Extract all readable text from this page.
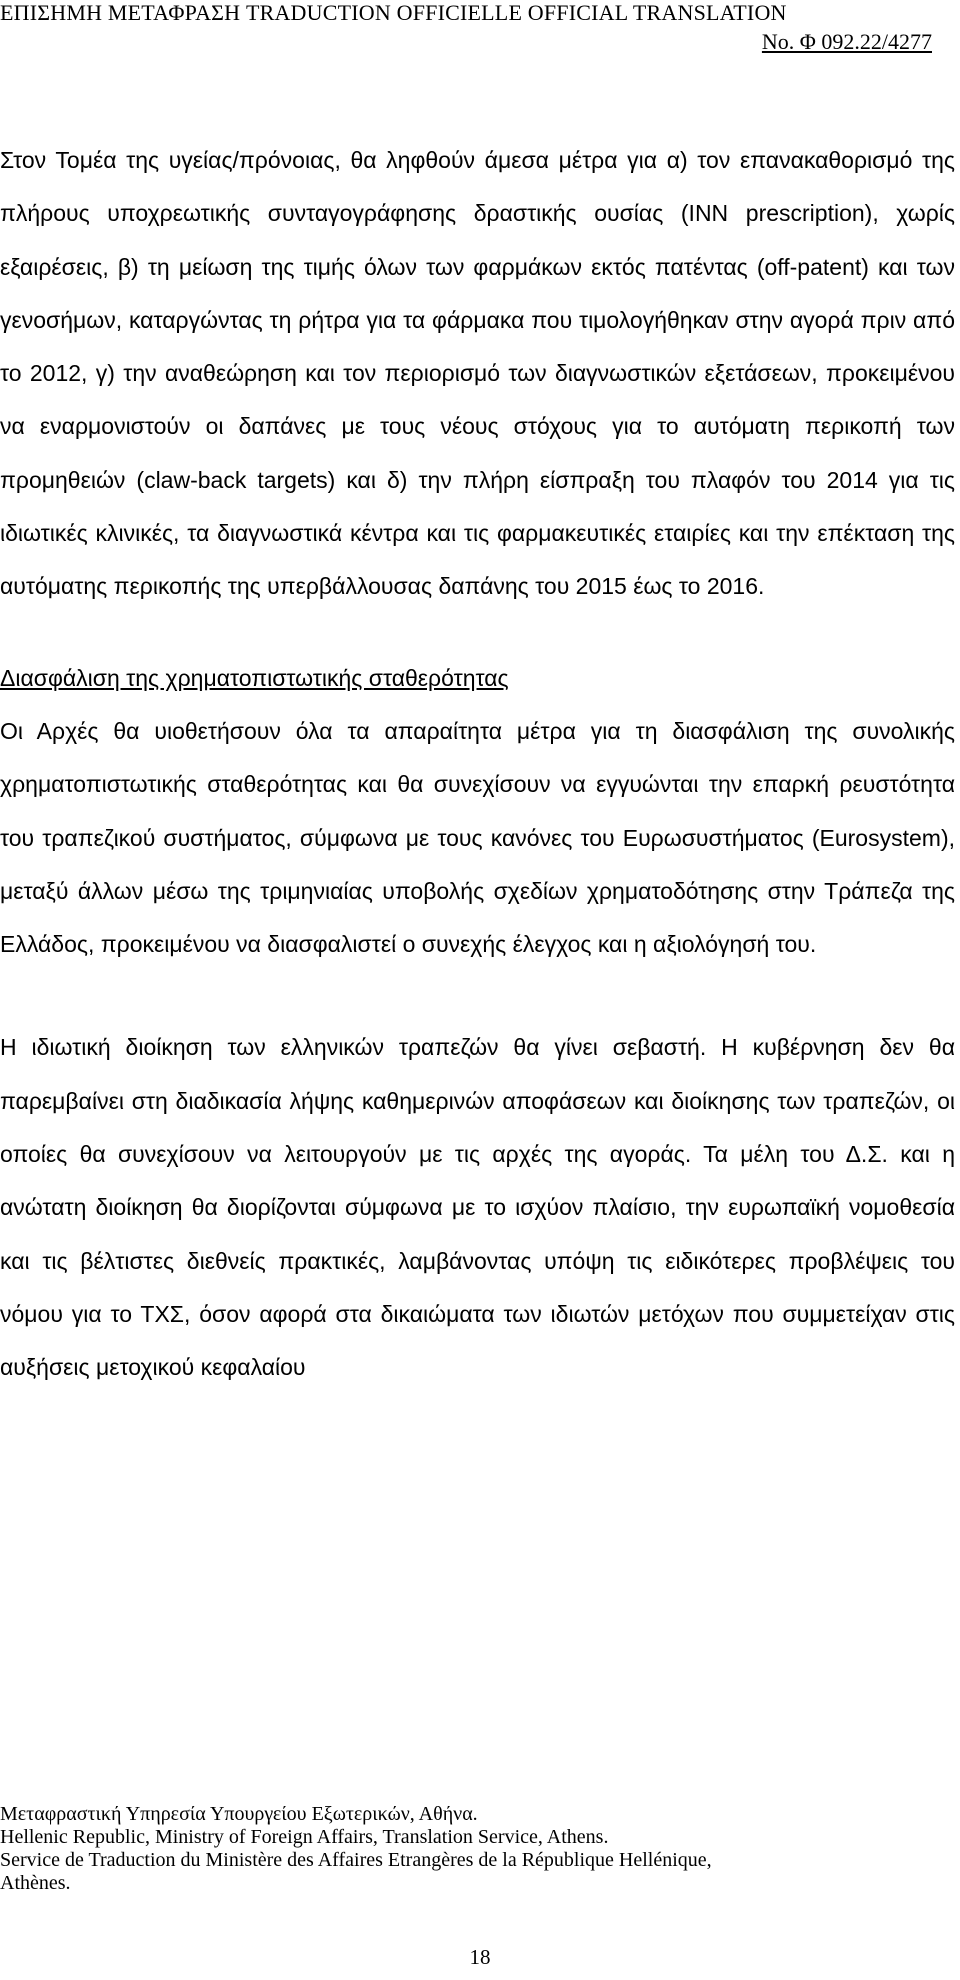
ΕΠΙΣΗΜΗ ΜΕΤΑΦΡΑΣΗ TRADUCTION OFFICIELLE OFFICIAL TRANSLATION
No. Φ 092.22/4277

Στον Τομέα της υγείας/πρόνοιας, θα ληφθούν άμεσα μέτρα για α) τον επανακαθορισμό της πλήρους υποχρεωτικής συνταγογράφησης δραστικής ουσίας (INN prescription), χωρίς εξαιρέσεις, β) τη μείωση της τιμής όλων των φαρμάκων εκτός πατέντας (off-patent) και των γενοσήμων, καταργώντας τη ρήτρα για τα φάρμακα που τιμολογήθηκαν στην αγορά πριν από το 2012, γ) την αναθεώρηση και τον περιορισμό των διαγνωστικών εξετάσεων, προκειμένου να εναρμονιστούν οι δαπάνες με τους νέους στόχους για το αυτόματη περικοπή των προμηθειών (claw-back targets) και δ) την πλήρη είσπραξη του πλαφόν του 2014 για τις ιδιωτικές κλινικές, τα διαγνωστικά κέντρα και τις φαρμακευτικές εταιρίες και την επέκταση της αυτόματης περικοπής της υπερβάλλουσας δαπάνης του 2015 έως το 2016.

Διασφάλιση της χρηματοπιστωτικής σταθερότητας

Οι Αρχές θα υιοθετήσουν όλα τα απαραίτητα μέτρα για τη διασφάλιση της συνολικής χρηματοπιστωτικής σταθερότητας και θα συνεχίσουν να εγγυώνται την επαρκή ρευστότητα του τραπεζικού συστήματος, σύμφωνα με τους κανόνες του Ευρωσυστήματος (Eurosystem), μεταξύ άλλων μέσω της τριμηνιαίας υποβολής σχεδίων χρηματοδότησης στην Τράπεζα της Ελλάδος, προκειμένου να διασφαλιστεί ο συνεχής έλεγχος και η αξιολόγησή του.

Η ιδιωτική διοίκηση των ελληνικών τραπεζών θα γίνει σεβαστή. Η κυβέρνηση δεν θα παρεμβαίνει στη διαδικασία λήψης καθημερινών αποφάσεων και διοίκησης των τραπεζών, οι οποίες θα συνεχίσουν να λειτουργούν με τις αρχές της αγοράς. Τα μέλη του Δ.Σ. και η ανώτατη διοίκηση θα διορίζονται σύμφωνα με το ισχύον πλαίσιο, την ευρωπαϊκή νομοθεσία και τις βέλτιστες διεθνείς πρακτικές, λαμβάνοντας υπόψη τις ειδικότερες προβλέψεις του νόμου για το ΤΧΣ, όσον αφορά στα δικαιώματα των ιδιωτών μετόχων που συμμετείχαν στις αυξήσεις μετοχικού κεφαλαίου

Μεταφραστική Υπηρεσία Υπουργείου Εξωτερικών, Αθήνα.
Hellenic Republic, Ministry of Foreign Affairs, Translation Service, Athens.
Service de Traduction du Ministère des Affaires Etrangères de la République Hellénique,
Athènes.
18
